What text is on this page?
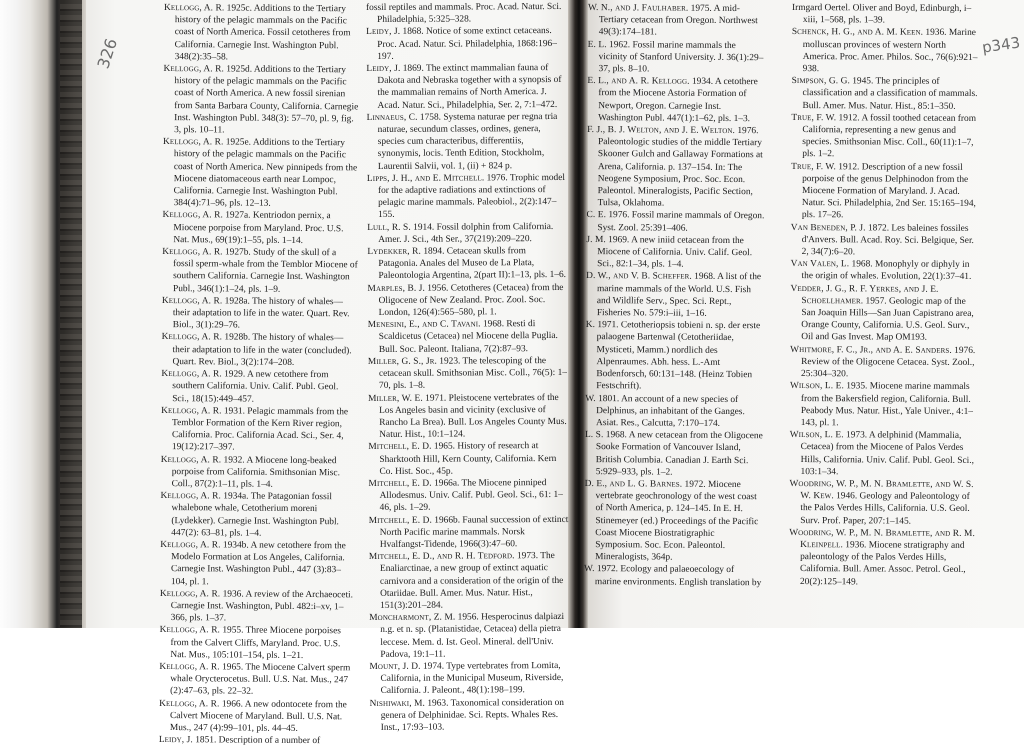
Kellogg, A. R. 1925c. Additions to the Tertiary history of the pelagic mammals on the Pacific coast of North America. Fossil cetotheres from California. Carnegie Inst. Washington Publ. 348(2):35–58.
Kellogg, A. R. 1925d. Additions to the Tertiary history of the pelagic mammals on the Pacific coast of North America. A new fossil sirenian from Santa Barbara County, California. Carnegie Inst. Washington Publ. 348(3): 57–70, pl. 9, fig. 3, pls. 10–11.
Kellogg, A. R. 1925e. Additions to the Tertiary history of the pelagic mammals on the Pacific coast of North America. New pinnipeds from the Miocene diatomaceous earth near Lompoc, California. Carnegie Inst. Washington Publ. 384(4):71–96, pls. 12–13.
Kellogg, A. R. 1927a. Kentriodon pernix, a Miocene porpoise from Maryland. Proc. U.S. Nat. Mus., 69(19):1–55, pls. 1–14.
Kellogg, A. R. 1927b. Study of the skull of a fossil sperm-whale from the Temblor Miocene of southern California. Carnegie Inst. Washington Publ., 346(1):1–24, pls. 1–9.
Kellogg, A. R. 1928a. The history of whales—their adaptation to life in the water. Quart. Rev. Biol., 3(1):29–76.
Kellogg, A. R. 1928b. The history of whales—their adaptation to life in the water (concluded). Quart. Rev. Biol., 3(2):174–208.
Kellogg, A. R. 1929. A new cetothere from southern California. Univ. Calif. Publ. Geol. Sci., 18(15):449–457.
Kellogg, A. R. 1931. Pelagic mammals from the Temblor Formation of the Kern River region, California. Proc. California Acad. Sci., Ser. 4, 19(12):217–397.
Kellogg, A. R. 1932. A Miocene long-beaked porpoise from California. Smithsonian Misc. Coll., 87(2):1–11, pls. 1–4.
Kellogg, A. R. 1934a. The Patagonian fossil whalebone whale, Cetotherium moreni (Lydekker). Carnegie Inst. Washington Publ. 447(2): 63–81, pls. 1–4.
Kellogg, A. R. 1934b. A new cetothere from the Modelo Formation at Los Angeles, California. Carnegie Inst. Washington Publ., 447 (3):83–104, pl. 1.
Kellogg, A. R. 1936. A review of the Archaeoceti. Carnegie Inst. Washington, Publ. 482:i–xv, 1–366, pls. 1–37.
Kellogg, A. R. 1955. Three Miocene porpoises from the Calvert Cliffs, Maryland. Proc. U.S. Nat. Mus., 105:101–154, pls. 1–21.
Kellogg, A. R. 1965. The Miocene Calvert sperm whale Orycterocetus. Bull. U.S. Nat. Mus., 247 (2):47–63, pls. 22–32.
Kellogg, A. R. 1966. A new odontocete from the Calvert Miocene of Maryland. Bull. U.S. Nat. Mus., 247 (4):99–101, pls. 44–45.
Leidy, J. 1851. Description of a number of
fossil reptiles and mammals. Proc. Acad. Natur. Sci. Philadelphia, 5:325–328.
Leidy, J. 1868. Notice of some extinct cetaceans. Proc. Acad. Natur. Sci. Philadelphia, 1868:196–197.
Leidy, J. 1869. The extinct mammalian fauna of Dakota and Nebraska together with a synopsis of the mammalian remains of North America. J. Acad. Natur. Sci., Philadelphia, Ser. 2, 7:1–472.
Linnaeus, C. 1758. Systema naturae per regna tria naturae, secundum classes, ordines, genera, species cum characteribus, differentiis, synonymis, locis. Tenth Edition, Stockholm, Laurentii Salvii, vol. 1, (ii) + 824 p.
Lipps, J. H., and E. Mitchell. 1976. Trophic model for the adaptive radiations and extinctions of pelagic marine mammals. Paleobiol., 2(2):147–155.
Lull, R. S. 1914. Fossil dolphin from California. Amer. J. Sci., 4th Ser., 37(219):209–220.
Lydekker, R. 1894. Cetacean skulls from Patagonia. Anales del Museo de La Plata, Paleontologia Argentina, 2(part II):1–13, pls. 1–6.
Marples, B. J. 1956. Cetotheres (Cetacea) from the Oligocene of New Zealand. Proc. Zool. Soc. London, 126(4):565–580, pl. 1.
Menesini, E., and C. Tavani. 1968. Resti di Scaldicetus (Cetacea) nel Miocene della Puglia. Bull. Soc. Paleont. Italiana, 7(2):87–93.
Miller, G. S., Jr. 1923. The telescoping of the cetacean skull. Smithsonian Misc. Coll., 76(5): 1–70, pls. 1–8.
Miller, W. E. 1971. Pleistocene vertebrates of the Los Angeles basin and vicinity (exclusive of Rancho La Brea). Bull. Los Angeles County Mus. Natur. Hist., 10:1–124.
Mitchell, E. D. 1965. History of research at Sharktooth Hill, Kern County, California. Kern Co. Hist. Soc., 45p.
Mitchell, E. D. 1966a. The Miocene pinniped Allodesmus. Univ. Calif. Publ. Geol. Sci., 61: 1–46, pls. 1–29.
Mitchell, E. D. 1966b. Faunal succession of extinct North Pacific marine mammals. Norsk Hvalfangst-Tidende, 1966(3):47–60.
Mitchell, E. D., and R. H. Tedford. 1973. The Enaliarctinae, a new group of extinct aquatic carnivora and a consideration of the origin of the Otariidae. Bull. Amer. Mus. Natur. Hist., 151(3):201–284.
Moncharmont, Z. M. 1956. Hesperocinus dalpiazi n.g. et n. sp. (Platanistidae, Cetacea) della pietra leccese. Mem. d. Ist. Geol. Mineral. dell'Univ. Padova, 19:1–11.
Mount, J. D. 1974. Type vertebrates from Lomita, California, in the Municipal Museum, Riverside, California. J. Paleont., 48(1):198–199.
Nishiwaki, M. 1963. Taxonomical consideration on genera of Delphinidae. Sci. Repts. Whales Res. Inst., 17:93–103.
W. N., and J. Faulhaber. 1975. A mid-Tertiary cetacean from Oregon. Northwest 49(3):174–181.
E. L. 1962. Fossil marine mammals the vicinity of Stanford University. J. 36(1):29–37, pls. 8–10.
E. L., and A. R. Kellogg. 1934. A cetothere from the Miocene Astoria Formation of Newport, Oregon. Carnegie Inst. Washington Publ. 447(1):1–62, pls. 1–3.
F. J., B. J. Welton, and J. E. Welton. 1976. Paleontologic studies of the middle Tertiary Skooner Gulch and Gallaway Formations at Arena, California. p. 137–154. In: The Neogene Symposium, Proc. Soc. Econ. Paleontol. Mineralogists, Pacific Section, Tulsa, Oklahoma.
C. E. 1976. Fossil marine mammals of Oregon. Syst. Zool. 25:391–406.
J. M. 1969. A new iniid cetacean from the Miocene of California. Univ. Calif. Geol. Sci., 82:1–34, pls. 1–4.
D. W., and V. B. Scheffer. 1968. A list of the marine mammals of the World. U.S. Fish and Wildlife Serv., Spec. Sci. Rept., Fisheries No. 579:i–iii, 1–16.
K. 1971. Cetotheriopsis tobieni n. sp. der erste palaogene Bartenwal (Cetotheriidae, Mysticeti, Mamm.) nordlich des Alpenraumes. Abh. hess. L.-Amt Bodenforsch, 60:131–148. (Heinz Tobien Festschrift).
W. 1801. An account of a new species of Delphinus, an inhabitant of the Ganges. Asiat. Res., Calcutta, 7:170–174.
L. S. 1968. A new cetacean from the Oligocene Sooke Formation of Vancouver Island, British Columbia. Canadian J. Earth Sci. 5:929–933, pls. 1–2.
D. E., and L. G. Barnes. 1972. Miocene vertebrate geochronology of the west coast of North America, p. 124–145. In E. H. Stinemeyer (ed.) Proceedings of the Pacific Coast Miocene Biostratigraphic Symposium. Soc. Econ. Paleontol. Mineralogists, 364p.
W. 1972. Ecology and palaeoecology of marine environments. English translation by
Irmgard Oertel. Oliver and Boyd, Edinburgh, i–xiii, 1–568, pls. 1–39.
Schenck, H. G., and A. M. Keen. 1936. Marine molluscan provinces of western North America. Proc. Amer. Philos. Soc., 76(6):921–938.
Simpson, G. G. 1945. The principles of classification and a classification of mammals. Bull. Amer. Mus. Natur. Hist., 85:1–350.
True, F. W. 1912. A fossil toothed cetacean from California, representing a new genus and species. Smithsonian Misc. Coll., 60(11):1–7, pls. 1–2.
True, F. W. 1912. Description of a new fossil porpoise of the genus Delphinodon from the Miocene Formation of Maryland. J. Acad. Natur. Sci. Philadelphia, 2nd Ser. 15:165–194, pls. 17–26.
Van Beneden, P. J. 1872. Les baleines fossiles d'Anvers. Bull. Acad. Roy. Sci. Belgique, Ser. 2, 34(7):6–20.
Van Valen, L. 1968. Monophyly or diphyly in the origin of whales. Evolution, 22(1):37–41.
Vedder, J. G., R. F. Yerkes, and J. E. Schoellhamer. 1957. Geologic map of the San Joaquin Hills—San Juan Capistrano area, Orange County, California. U.S. Geol. Surv., Oil and Gas Invest. Map OM193.
Whitmore, F. C., Jr., and A. E. Sanders. 1976. Review of the Oligocene Cetacea. Syst. Zool., 25:304–320.
Wilson, L. E. 1935. Miocene marine mammals from the Bakersfield region, California. Bull. Peabody Mus. Natur. Hist., Yale Univer., 4:1–143, pl. 1.
Wilson, L. E. 1973. A delphinid (Mammalia, Cetacea) from the Miocene of Palos Verdes Hills, California. Univ. Calif. Publ. Geol. Sci., 103:1–34.
Woodring, W. P., M. N. Bramlette, and W. S. W. Kew. 1946. Geology and Paleontology of the Palos Verdes Hills, California. U.S. Geol. Surv. Prof. Paper, 207:1–145.
Woodring, W. P., M. N. Bramlette, and R. M. Kleinpell. 1936. Miocene stratigraphy and paleontology of the Palos Verdes Hills, California. Bull. Amer. Assoc. Petrol. Geol., 20(2):125–149.
326	p343
